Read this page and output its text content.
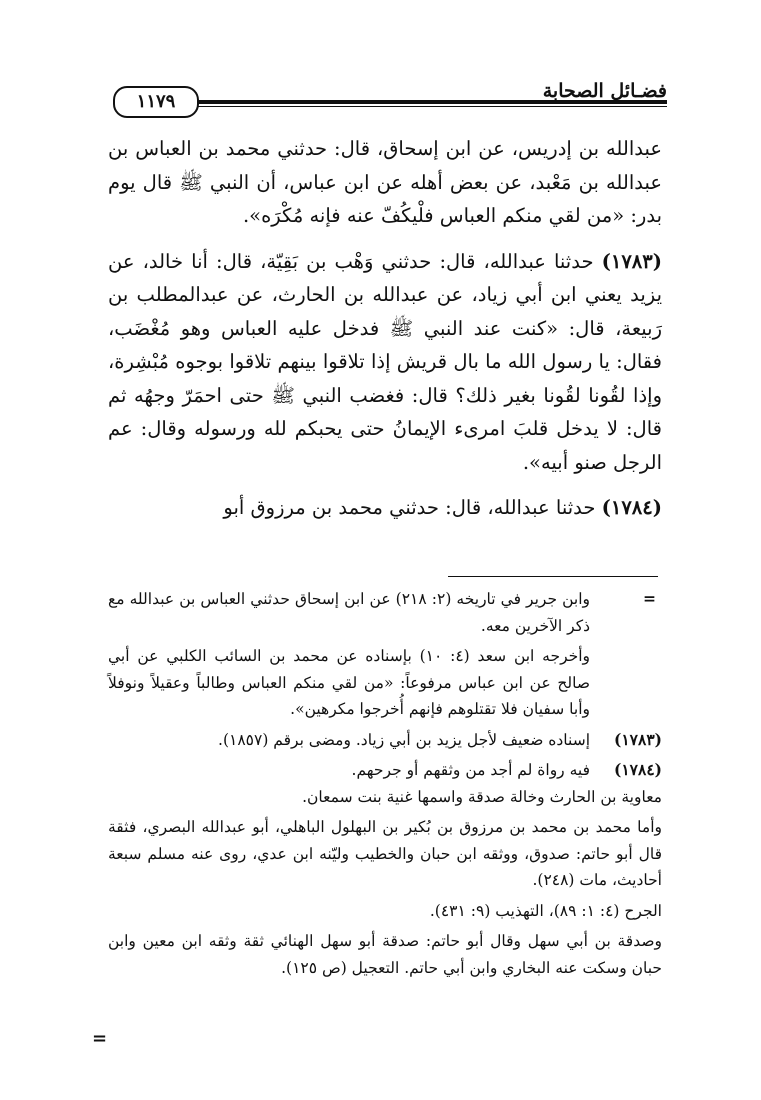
فضـائل الصحابة
١١٧٩

عبدالله بن إدريس، عن ابن إسحاق، قال: حدثني محمد بن العباس بن عبدالله بن مَعْبد، عن بعض أهله عن ابن عباس، أن النبي ﷺ قال يوم بدر: «من لقي منكم العباس فلْيكُفّ عنه فإنه مُكْرَه».

(١٧٨٣) حدثنا عبدالله، قال: حدثني وَهْب بن بَقِيّة، قال: أنا خالد، عن يزيد يعني ابن أبي زياد، عن عبدالله بن الحارث، عن عبدالمطلب بن رَبيعة، قال: «كنت عند النبي ﷺ فدخل عليه العباس وهو مُغْضَب، فقال: يا رسول الله ما بال قريش إذا تلاقوا بينهم تلاقوا بوجوه مُبْشِرة، وإذا لقُونا لقُونا بغير ذلك؟ قال: فغضب النبي ﷺ حتى احمَرّ وجهُه ثم قال: لا يدخل قلبَ امرىء الإيمانُ حتى يحبكم لله ورسوله وقال: عم الرجل صنو أبيه».

(١٧٨٤) حدثنا عبدالله، قال: حدثني محمد بن مرزوق أبو

=
وابن جرير في تاريخه (٢: ٢١٨) عن ابن إسحاق حدثني العباس بن عبدالله مع ذكر الآخرين معه.
وأخرجه ابن سعد (٤: ١٠) بإسناده عن محمد بن السائب الكلبي عن أبي صالح عن ابن عباس مرفوعاً: «من لقي منكم العباس وطالباً وعقيلاً ونوفلاً وأبا سفيان فلا تقتلوهم فإنهم أُخرجوا مكرهين».
(١٧٨٣)
إسناده ضعيف لأجل يزيد بن أبي زياد. ومضى برقم (١٨٥٧).
(١٧٨٤)
فيه رواة لم أجد من وثقهم أو جرحهم.
معاوية بن الحارث وخالة صدقة واسمها غنية بنت سمعان.
وأما محمد بن محمد بن مرزوق بن بُكير بن البهلول الباهلي، أبو عبدالله البصري، فثقة قال أبو حاتم: صدوق، ووثقه ابن حبان والخطيب وليّنه ابن عدي، روى عنه مسلم سبعة أحاديث، مات (٢٤٨).
الجرح (٤: ١: ٨٩)، التهذيب (٩: ٤٣١).
وصدقة بن أبي سهل وقال أبو حاتم: صدقة أبو سهل الهنائي ثقة وثقه ابن معين وابن حبان وسكت عنه البخاري وابن أبي حاتم. التعجيل (ص ١٢٥).
=
